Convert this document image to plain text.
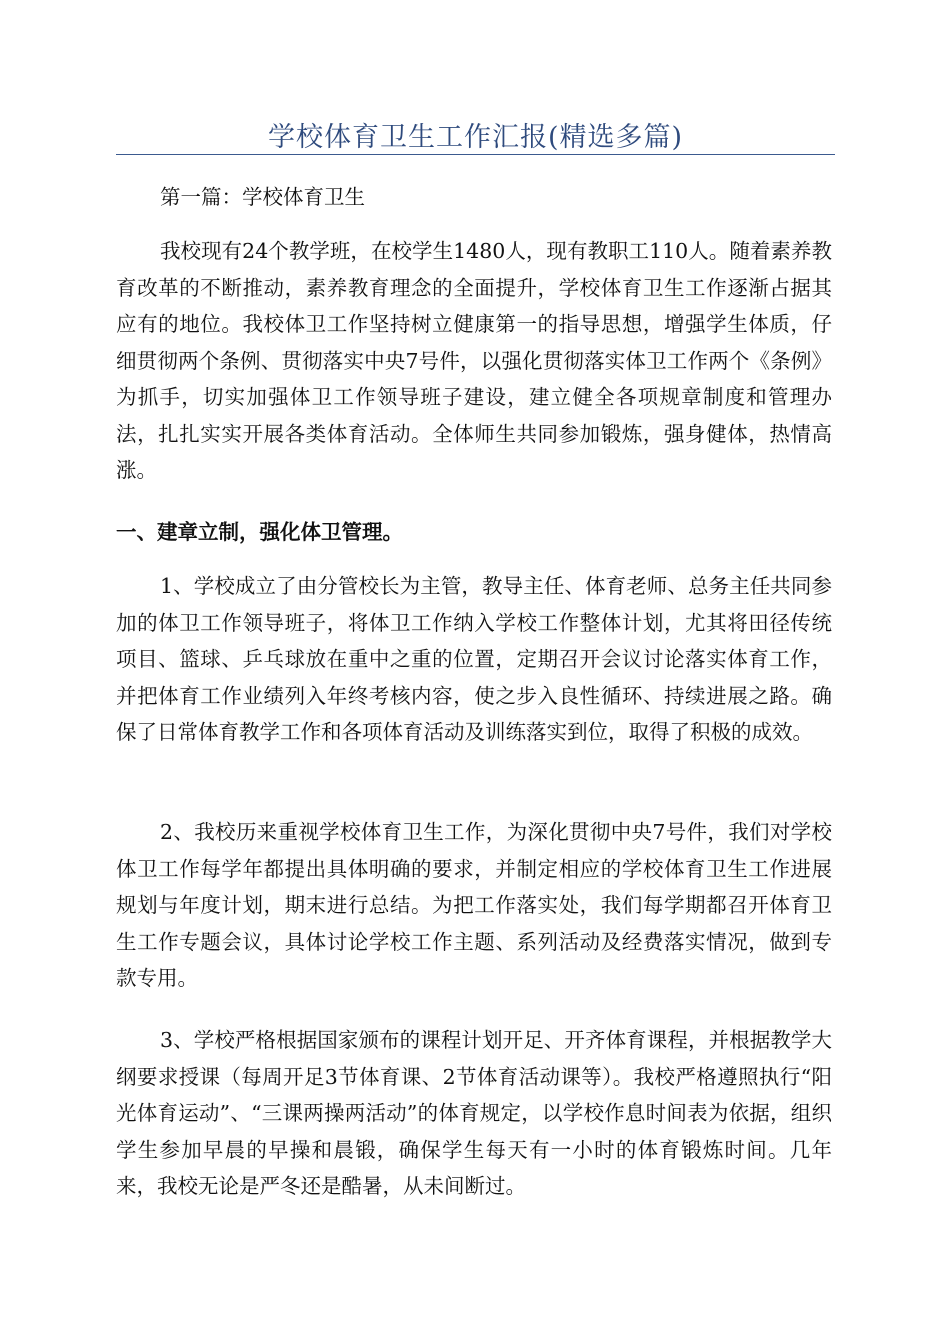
学校体育卫生工作汇报(精选多篇)

第一篇：学校体育卫生

我校现有24个教学班，在校学生1480人，现有教职工110人。随着素养教育改革的不断推动，素养教育理念的全面提升，学校体育卫生工作逐渐占据其应有的地位。我校体卫工作坚持树立健康第一的指导思想，增强学生体质，仔细贯彻两个条例、贯彻落实中央7号件，以强化贯彻落实体卫工作两个《条例》为抓手，切实加强体卫工作领导班子建设，建立健全各项规章制度和管理办法，扎扎实实开展各类体育活动。全体师生共同参加锻炼，强身健体，热情高涨。

一、建章立制，强化体卫管理。

1、学校成立了由分管校长为主管，教导主任、体育老师、总务主任共同参加的体卫工作领导班子，将体卫工作纳入学校工作整体计划，尤其将田径传统项目、篮球、乒乓球放在重中之重的位置，定期召开会议讨论落实体育工作，并把体育工作业绩列入年终考核内容，使之步入良性循环、持续进展之路。确保了日常体育教学工作和各项体育活动及训练落实到位，取得了积极的成效。

2、我校历来重视学校体育卫生工作，为深化贯彻中央7号件，我们对学校体卫工作每学年都提出具体明确的要求，并制定相应的学校体育卫生工作进展规划与年度计划，期末进行总结。为把工作落实处，我们每学期都召开体育卫生工作专题会议，具体讨论学校工作主题、系列活动及经费落实情况，做到专款专用。

3、学校严格根据国家颁布的课程计划开足、开齐体育课程，并根据教学大纲要求授课（每周开足3节体育课、2节体育活动课等）。我校严格遵照执行“阳光体育运动”、“三课两操两活动”的体育规定，以学校作息时间表为依据，组织学生参加早晨的早操和晨锻，确保学生每天有一小时的体育锻炼时间。几年来，我校无论是严冬还是酷暑，从未间断过。
